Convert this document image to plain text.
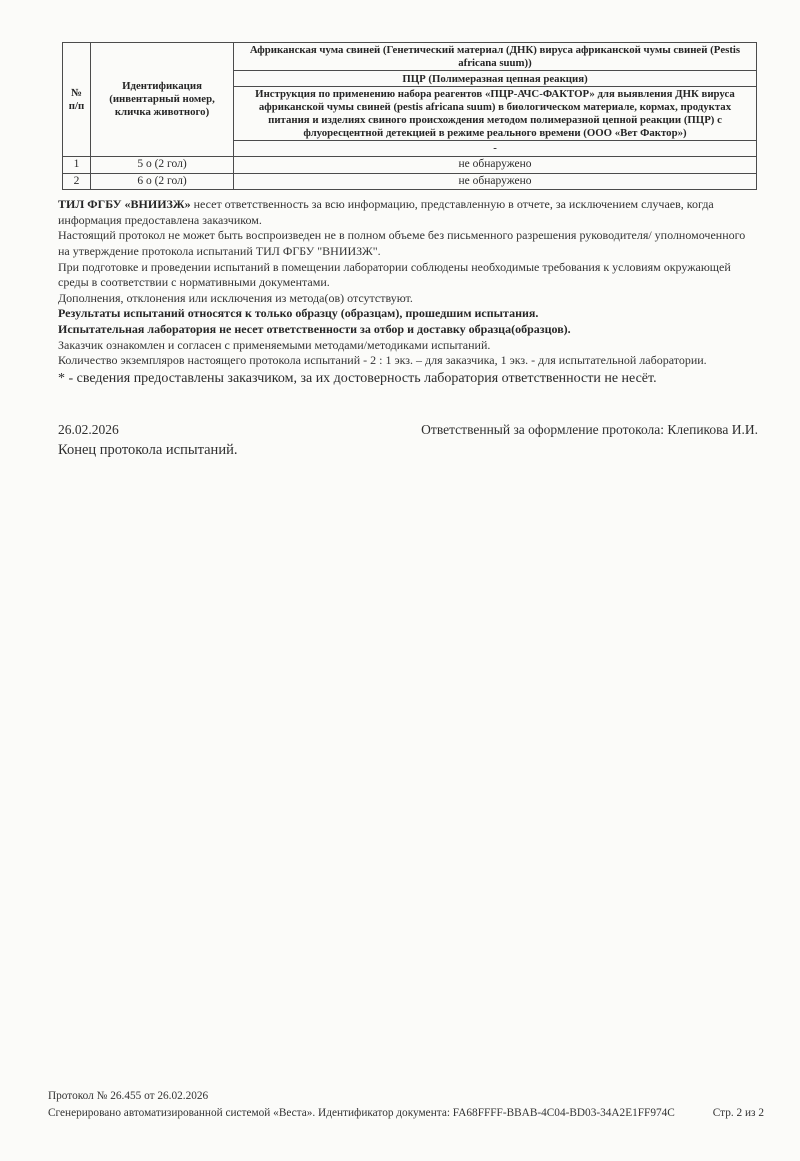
№ п/п	Идентификация (инвентарный номер, кличка животного)	Африканская чума свиней (Генетический материал (ДНК) вируса африканской чумы свиней (Pestis africana suum))
		ПЦР (Полимеразная цепная реакция)
		Инструкция по применению набора реагентов «ПЦР-АЧС-ФАКТОР» для выявления ДНК вируса африканской чумы свиней (pestis africana suum) в биологическом материале, кормах, продуктах питания и изделиях свиного происхождения методом полимеразной цепной реакции (ПЦР) с флуоресцентной детекцией в режиме реального времени (ООО «Вет Фактор»)
		-
1	5 о (2 гол)	не обнаружено
2	6 о (2 гол)	не обнаружено

ТИЛ ФГБУ «ВНИИЗЖ» несет ответственность за всю информацию, представленную в отчете, за исключением случаев, когда информация предоставлена заказчиком.

Настоящий протокол не может быть воспроизведен не в полном объеме без письменного разрешения руководителя/ уполномоченного на утверждение протокола испытаний ТИЛ ФГБУ "ВНИИЗЖ".

При подготовке и проведении испытаний в помещении лаборатории соблюдены необходимые требования к условиям окружающей среды в соответствии с нормативными документами.

Дополнения, отклонения или исключения из метода(ов) отсутствуют.

Результаты испытаний относятся к только образцу (образцам), прошедшим испытания.

Испытательная лаборатория не несет ответственности за отбор и доставку образца(образцов).

Заказчик ознакомлен и согласен с применяемыми методами/методиками испытаний.

Количество экземпляров настоящего протокола испытаний - 2 : 1 экз. – для заказчика, 1 экз. - для испытательной лаборатории.

* - сведения предоставлены заказчиком, за их достоверность лаборатория ответственности не несёт.

26.02.2026	Ответственный за оформление протокола: Клепикова И.И.
Конец протокола испытаний.
Протокол № 26.455 от 26.02.2026
Сгенерировано автоматизированной системой «Веста». Идентификатор документа: FA68FFFF-BBAB-4C04-BD03-34A2E1FF974C	Стр. 2 из 2
